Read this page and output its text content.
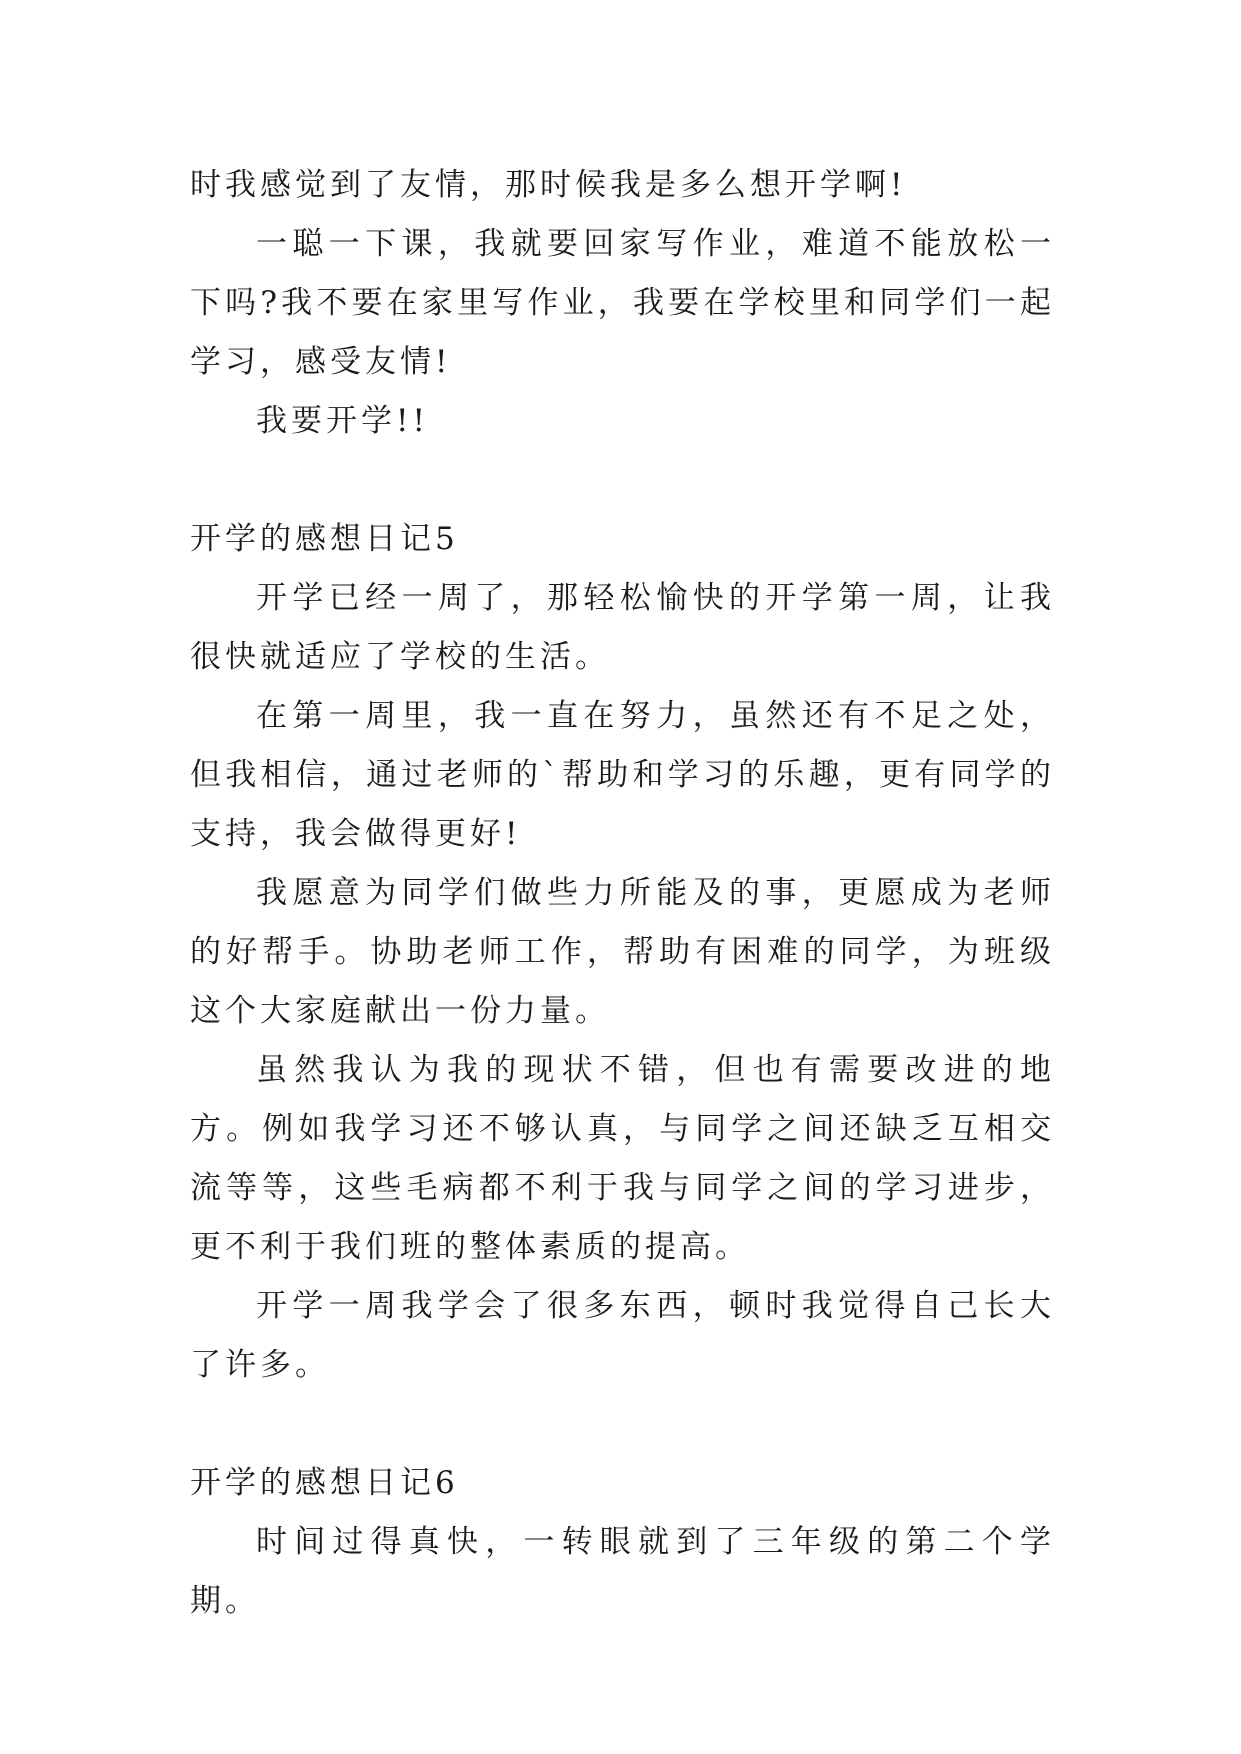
时我感觉到了友情，那时候我是多么想开学啊!

一聪一下课，我就要回家写作业，难道不能放松一下吗?我不要在家里写作业，我要在学校里和同学们一起学习，感受友情!

我要开学!!

开学的感想日记5

开学已经一周了，那轻松愉快的开学第一周，让我很快就适应了学校的生活。

在第一周里，我一直在努力，虽然还有不足之处，但我相信，通过老师的`帮助和学习的乐趣，更有同学的支持，我会做得更好!

我愿意为同学们做些力所能及的事，更愿成为老师的好帮手。协助老师工作，帮助有困难的同学，为班级这个大家庭献出一份力量。

虽然我认为我的现状不错，但也有需要改进的地方。例如我学习还不够认真，与同学之间还缺乏互相交流等等，这些毛病都不利于我与同学之间的学习进步，更不利于我们班的整体素质的提高。

开学一周我学会了很多东西，顿时我觉得自己长大了许多。

开学的感想日记6

时间过得真快，一转眼就到了三年级的第二个学期。
